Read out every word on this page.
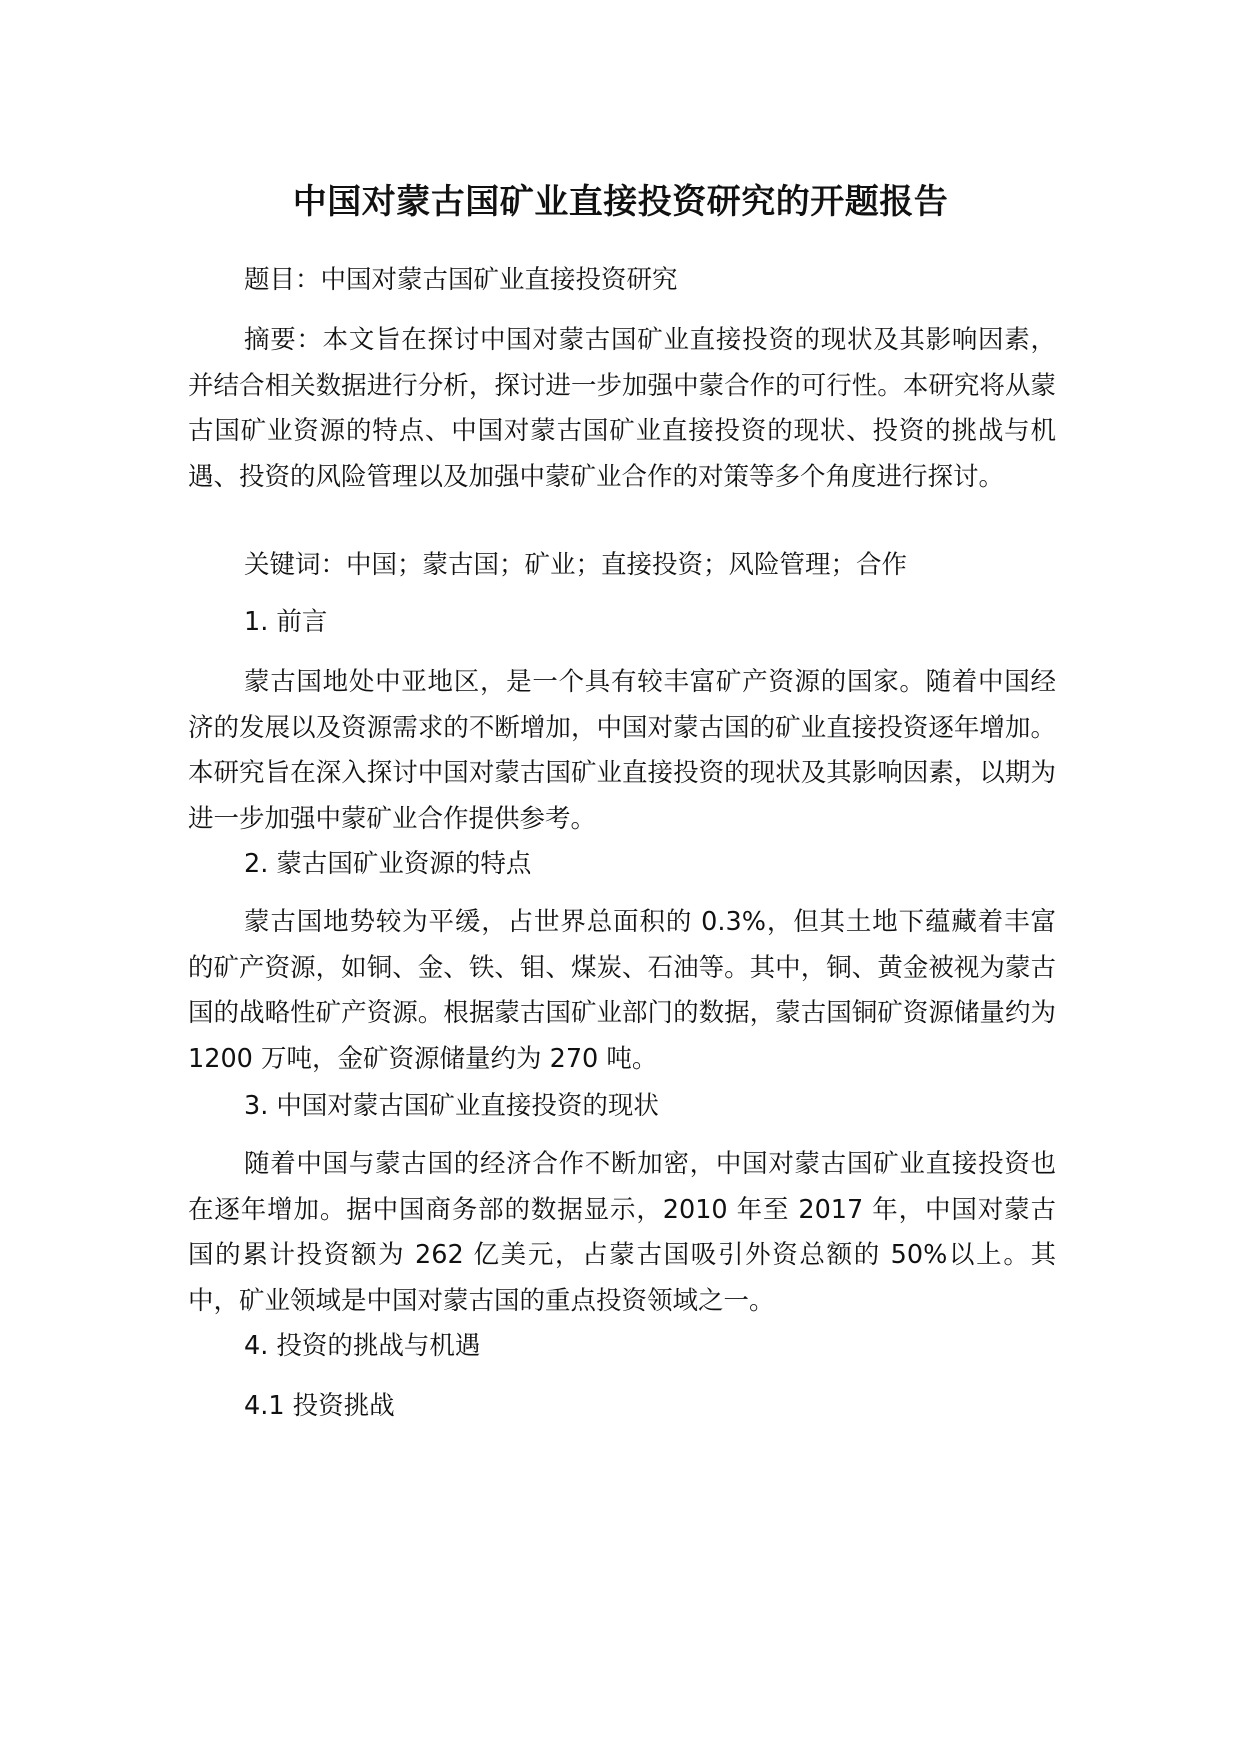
中国对蒙古国矿业直接投资研究的开题报告

题目：中国对蒙古国矿业直接投资研究

摘要：本文旨在探讨中国对蒙古国矿业直接投资的现状及其影响因素，并结合相关数据进行分析，探讨进一步加强中蒙合作的可行性。本研究将从蒙古国矿业资源的特点、中国对蒙古国矿业直接投资的现状、投资的挑战与机遇、投资的风险管理以及加强中蒙矿业合作的对策等多个角度进行探讨。

关键词：中国；蒙古国；矿业；直接投资；风险管理；合作

1. 前言

蒙古国地处中亚地区，是一个具有较丰富矿产资源的国家。随着中国经济的发展以及资源需求的不断增加，中国对蒙古国的矿业直接投资逐年增加。本研究旨在深入探讨中国对蒙古国矿业直接投资的现状及其影响因素，以期为进一步加强中蒙矿业合作提供参考。

2. 蒙古国矿业资源的特点

蒙古国地势较为平缓，占世界总面积的 0.3%，但其土地下蕴藏着丰富的矿产资源，如铜、金、铁、钼、煤炭、石油等。其中，铜、黄金被视为蒙古国的战略性矿产资源。根据蒙古国矿业部门的数据，蒙古国铜矿资源储量约为 1200 万吨，金矿资源储量约为 270 吨。

3. 中国对蒙古国矿业直接投资的现状

随着中国与蒙古国的经济合作不断加密，中国对蒙古国矿业直接投资也在逐年增加。据中国商务部的数据显示，2010 年至 2017 年，中国对蒙古国的累计投资额为 262 亿美元，占蒙古国吸引外资总额的 50%以上。其中，矿业领域是中国对蒙古国的重点投资领域之一。

4. 投资的挑战与机遇

4.1 投资挑战
